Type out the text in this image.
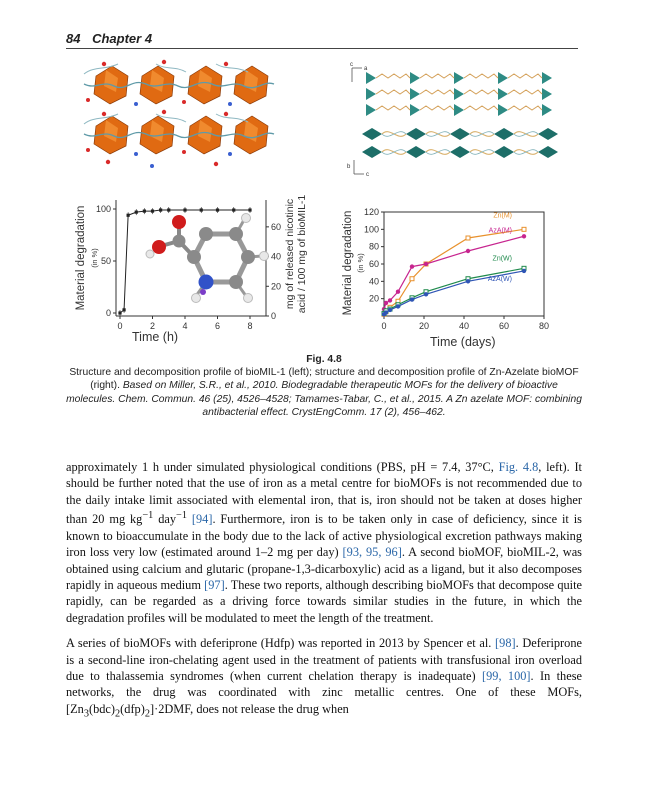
84 Chapter 4
a
c
b
c
0	2	4	6	8
0
50
100
0
20
40
60
Time (h)
Material degradation (in %)	mg of released nicotinic acid / 100 mg of bioMIL-1
0	20	40	60	80
20
40
60
80
100
120
Time (days)
Material degradation (in %)
Zn(M)
AzA(M)
Zn(W)
AzA(W)
Fig. 4.8
Structure and decomposition profile of bioMIL-1 (left); structure and decomposition profile of Zn-Azelate bioMOF (right). Based on Miller, S.R., et al., 2010. Biodegradable therapeutic MOFs for the delivery of bioactive molecules. Chem. Commun. 46 (25), 4526–4528; Tamames-Tabar, C., et al., 2015. A Zn azelate MOF: combining antibacterial effect. CrystEngComm. 17 (2), 456–462.

approximately 1 h under simulated physiological conditions (PBS, pH = 7.4, 37°C, Fig. 4.8, left). It should be further noted that the use of iron as a metal centre for bioMOFs is not recommended due to the daily intake limit associated with elemental iron, that is, iron should not be taken at doses higher than 20 mg $kg^{-1}$ day$^{-1}$ [94]. Furthermore, iron is to be taken only in case of deficiency, since it is known to bioaccumulate in the body due to the lack of active physiological excretion pathways making iron loss very low (estimated around 1–2 mg per day) [93, 95, 96]. A second bioMOF, bioMIL-2, was obtained using calcium and glutaric (propane-1,3-dicarboxylic) acid as a ligand, but it also decomposes rapidly in aqueous medium [97]. These two reports, although describing bioMOFs that decompose quite rapidly, can be regarded as a driving force towards similar studies in the future, in which the degradation profiles will be modulated to meet the length of the treatment.

A series of bioMOFs with deferiprone (Hdfp) was reported in 2013 by Spencer et al. [98]. Deferiprone is a second-line iron-chelating agent used in the treatment of patients with transfusional iron overload due to thalassemia syndromes (when current chelation therapy is inadequate) [99, 100]. In these networks, the drug was coordinated with zinc metallic centres. One of these MOFs, $[Zn_3(bdc)_2(dfp)_2]\cdot 2DMF$, does not release the drug when
